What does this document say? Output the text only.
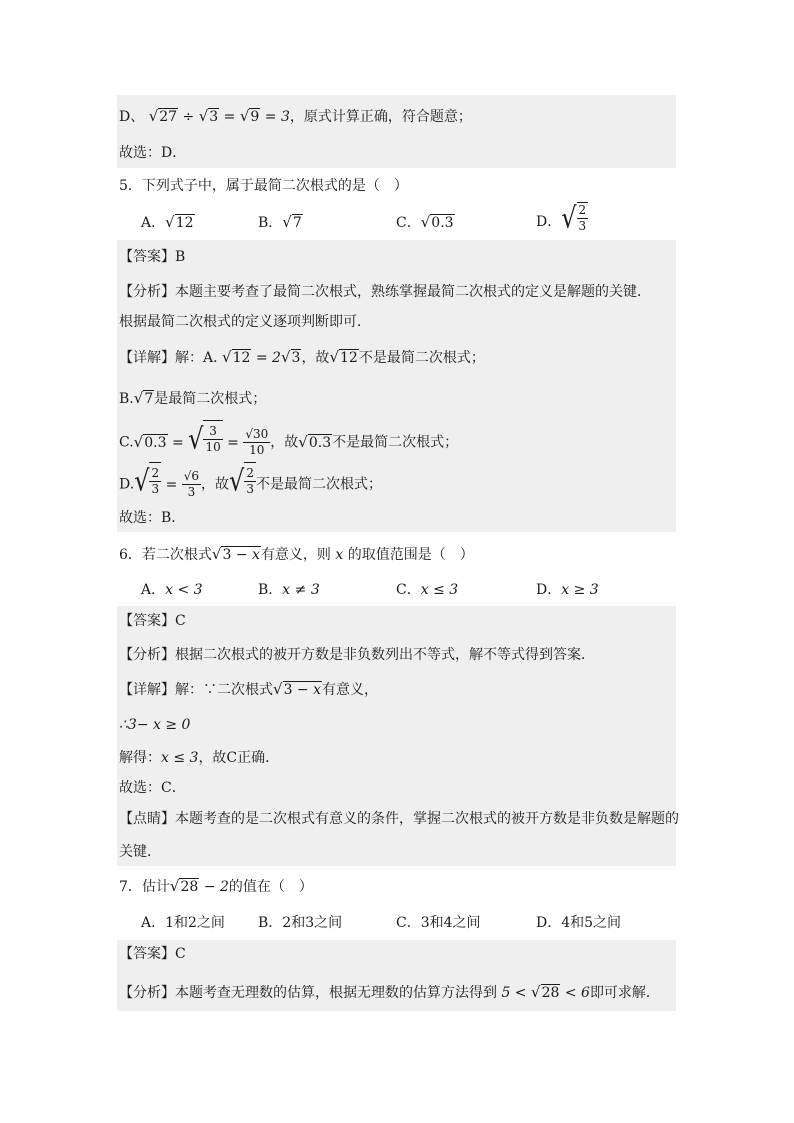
D、 √27 ÷ √3 = √9 = 3，原式计算正确，符合题意；
故选：D．
5．下列式子中，属于最简二次根式的是（　）
A．√12	B．√7	C．√0.3	D． √ $\frac{2}{3}$
【答案】B
【分析】本题主要考查了最简二次根式，熟练掌握最简二次根式的定义是解题的关键．
根据最简二次根式的定义逐项判断即可．
【详解】解：A. √12 = 2√3，故√12不是最简二次根式；
B.√7是最简二次根式；
C.√0.3 = √ $\frac{3}{10} = \frac{√30}{10}$ ，故√0.3不是最简二次根式；
D. √ $\frac{2}{3} = \frac{√6}{3}$ ，故 √ $\frac{2}{3}$ 不是最简二次根式；
故选：B．
6．若二次根式√3 − x有意义，则 x 的取值范围是（　）
A．x < 3	B．x ≠ 3	C．x ≤ 3	D．x ≥ 3
【答案】C
【分析】根据二次根式的被开方数是非负数列出不等式，解不等式得到答案．
【详解】解：∵二次根式√3 − x有意义，
∴3− x ≥ 0
解得：x ≤ 3，故C正确．
故选：C．
【点睛】本题考查的是二次根式有意义的条件，掌握二次根式的被开方数是非负数是解题的
关键．
7．估计√28 − 2的值在（　）
A．1和2之间 B．2和3之间	C．3和4之间	D．4和5之间
【答案】C
【分析】本题考查无理数的估算，根据无理数的估算方法得到 5 < √28 < 6即可求解．
